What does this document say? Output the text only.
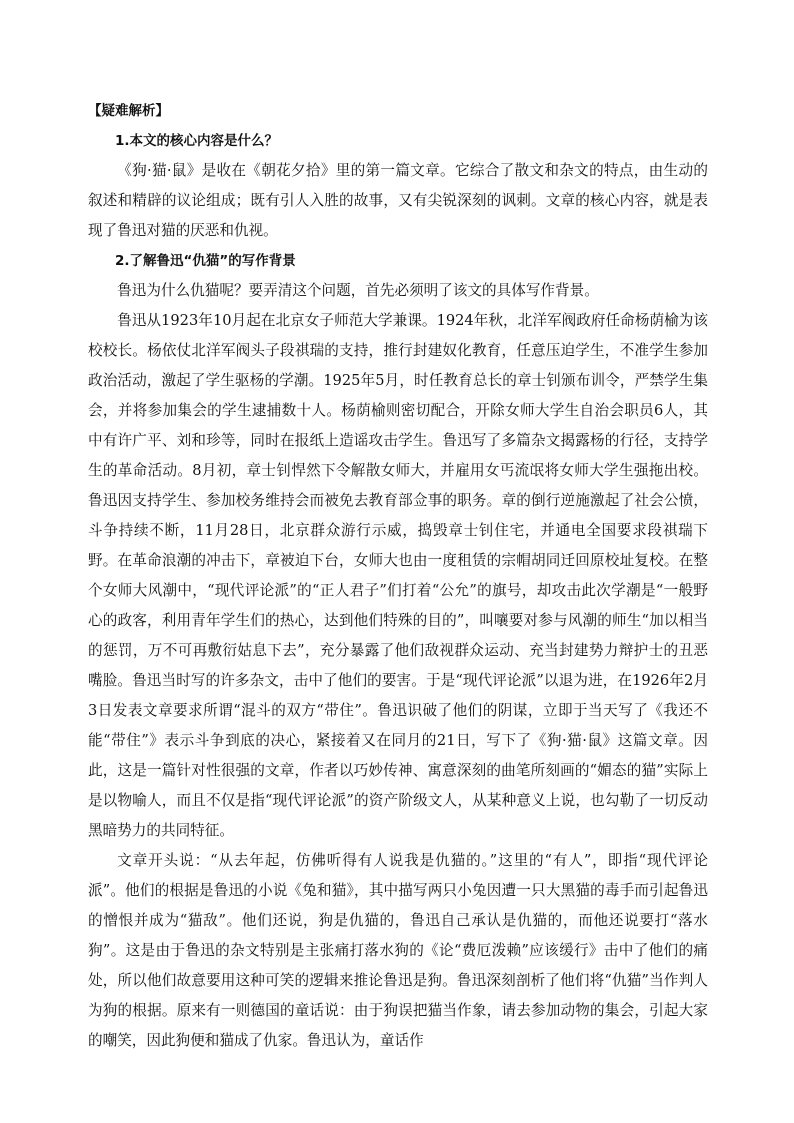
【疑难解析】

1.本文的核心内容是什么？

《狗·猫·鼠》是收在《朝花夕拾》里的第一篇文章。它综合了散文和杂文的特点，由生动的叙述和精辟的议论组成；既有引人入胜的故事，又有尖锐深刻的讽刺。文章的核心内容，就是表现了鲁迅对猫的厌恶和仇视。

2.了解鲁迅“仇猫”的写作背景

鲁迅为什么仇猫呢？要弄清这个问题，首先必须明了该文的具体写作背景。

鲁迅从1923年10月起在北京女子师范大学兼课。1924年秋，北洋军阀政府任命杨荫榆为该校校长。杨依仗北洋军阀头子段祺瑞的支持，推行封建奴化教育，任意压迫学生，不准学生参加政治活动，激起了学生驱杨的学潮。1925年5月，时任教育总长的章士钊颁布训令，严禁学生集会，并将参加集会的学生逮捕数十人。杨荫榆则密切配合，开除女师大学生自治会职员6人，其中有许广平、刘和珍等，同时在报纸上造谣攻击学生。鲁迅写了多篇杂文揭露杨的行径，支持学生的革命活动。8月初，章士钊悍然下令解散女师大，并雇用女丐流氓将女师大学生强拖出校。鲁迅因支持学生、参加校务维持会而被免去教育部佥事的职务。章的倒行逆施激起了社会公愤，斗争持续不断，11月28日，北京群众游行示威，捣毁章士钊住宅，并通电全国要求段祺瑞下野。在革命浪潮的冲击下，章被迫下台，女师大也由一度租赁的宗帽胡同迁回原校址复校。在整个女师大风潮中，“现代评论派”的“正人君子”们打着“公允”的旗号，却攻击此次学潮是“一般野心的政客，利用青年学生们的热心，达到他们特殊的目的”，叫嚷要对参与风潮的师生“加以相当的惩罚，万不可再敷衍姑息下去”，充分暴露了他们敌视群众运动、充当封建势力辩护士的丑恶嘴脸。鲁迅当时写的许多杂文，击中了他们的要害。于是“现代评论派”以退为进，在1926年2月3日发表文章要求所谓“混斗的双方“带住”。鲁迅识破了他们的阴谋，立即于当天写了《我还不能“带住”》表示斗争到底的决心，紧接着又在同月的21日，写下了《狗·猫·鼠》这篇文章。因此，这是一篇针对性很强的文章，作者以巧妙传神、寓意深刻的曲笔所刻画的“媚态的猫”实际上是以物喻人，而且不仅是指“现代评论派”的资产阶级文人，从某种意义上说，也勾勒了一切反动黑暗势力的共同特征。

文章开头说：“从去年起，仿佛听得有人说我是仇猫的。”这里的“有人”，即指“现代评论派”。他们的根据是鲁迅的小说《兔和猫》，其中描写两只小兔因遭一只大黑猫的毒手而引起鲁迅的憎恨并成为“猫敌”。他们还说，狗是仇猫的，鲁迅自己承认是仇猫的，而他还说要打“落水狗”。这是由于鲁迅的杂文特别是主张痛打落水狗的《论“费厄泼赖”应该缓行》击中了他们的痛处，所以他们故意要用这种可笑的逻辑来推论鲁迅是狗。鲁迅深刻剖析了他们将“仇猫”当作判人为狗的根据。原来有一则德国的童话说：由于狗误把猫当作象，请去参加动物的集会，引起大家的嘲笑，因此狗便和猫成了仇家。鲁迅认为，童话作
